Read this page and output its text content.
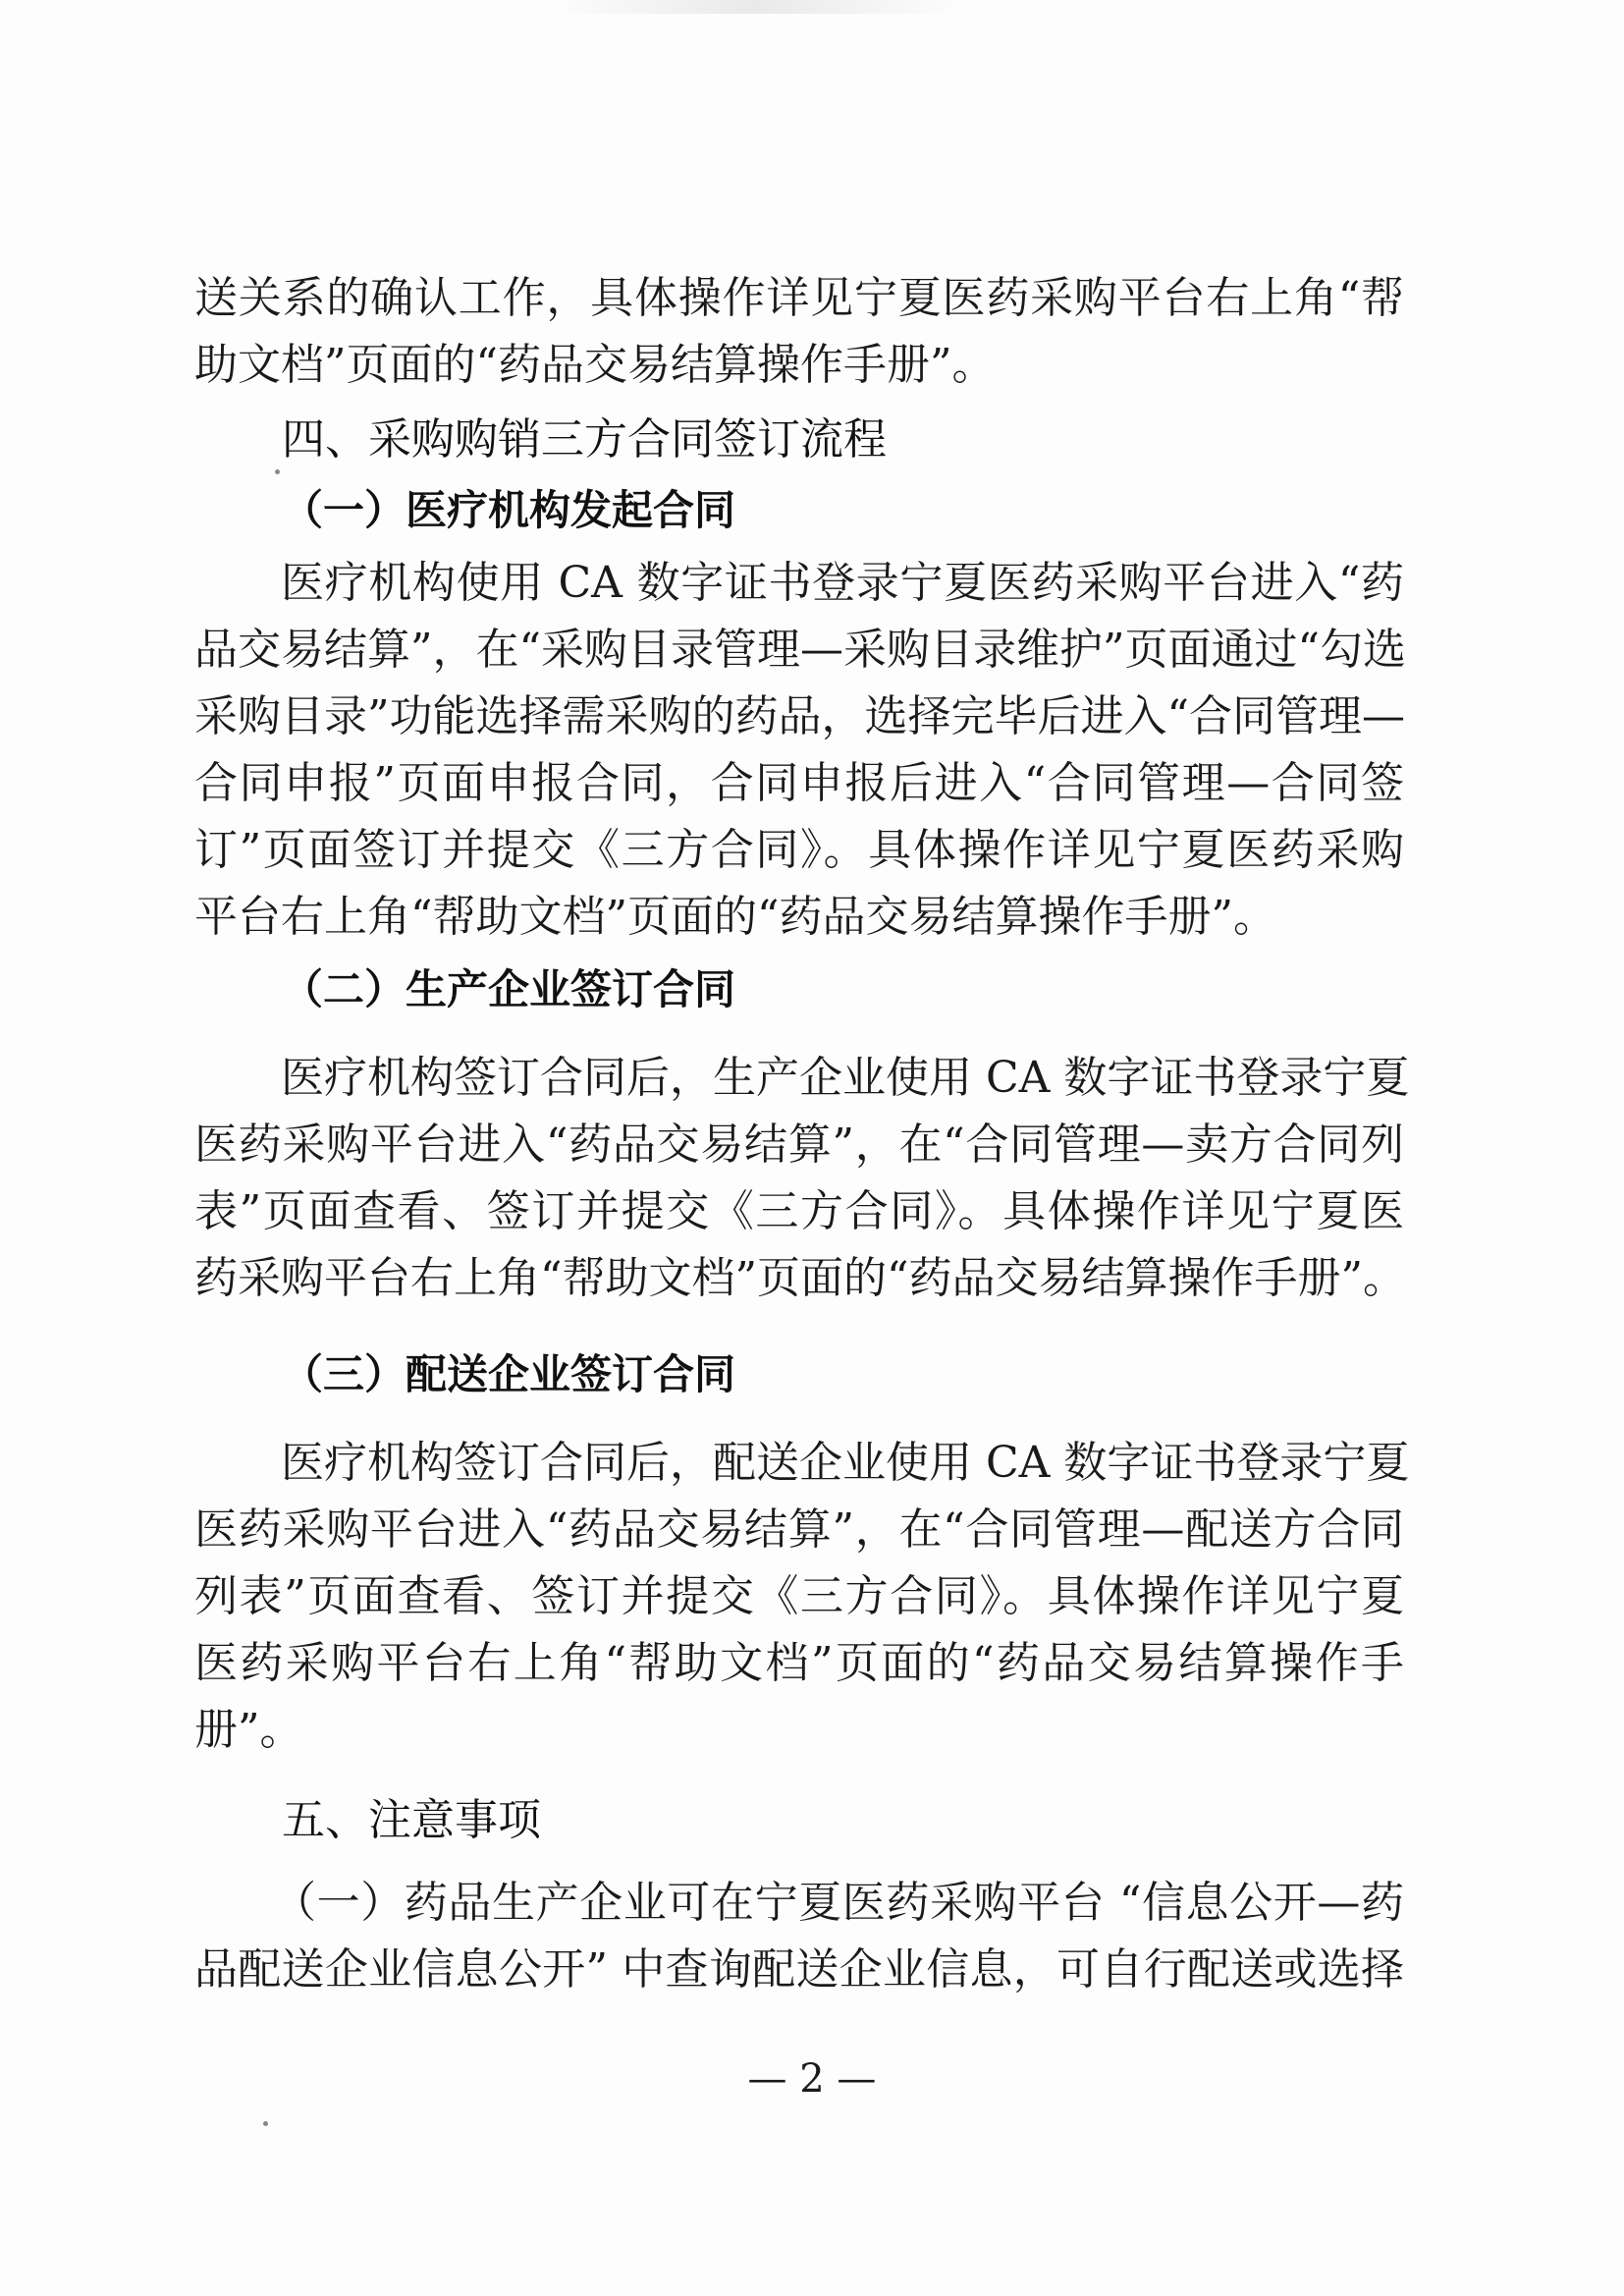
送关系的确认工作，具体操作详见宁夏医药采购平台右上角“帮
助文档”页面的“药品交易结算操作手册”。
四、采购购销三方合同签订流程
（一）医疗机构发起合同
医疗机构使用 CA 数字证书登录宁夏医药采购平台进入“药
品交易结算”，在“采购目录管理—采购目录维护”页面通过“勾选
采购目录”功能选择需采购的药品，选择完毕后进入“合同管理—
合同申报”页面申报合同，合同申报后进入“合同管理—合同签
订”页面签订并提交《三方合同》。具体操作详见宁夏医药采购
平台右上角“帮助文档”页面的“药品交易结算操作手册”。
（二）生产企业签订合同
医疗机构签订合同后，生产企业使用 CA 数字证书登录宁夏
医药采购平台进入“药品交易结算”，在“合同管理—卖方合同列
表”页面查看、签订并提交《三方合同》。具体操作详见宁夏医
药采购平台右上角“帮助文档”页面的“药品交易结算操作手册”。
（三）配送企业签订合同
医疗机构签订合同后，配送企业使用 CA 数字证书登录宁夏
医药采购平台进入“药品交易结算”，在“合同管理—配送方合同
列表”页面查看、签订并提交《三方合同》。具体操作详见宁夏
医药采购平台右上角“帮助文档”页面的“药品交易结算操作手
册”。
五、注意事项
（一）药品生产企业可在宁夏医药采购平台 “信息公开—药
品配送企业信息公开” 中查询配送企业信息，可自行配送或选择
— 2 —
